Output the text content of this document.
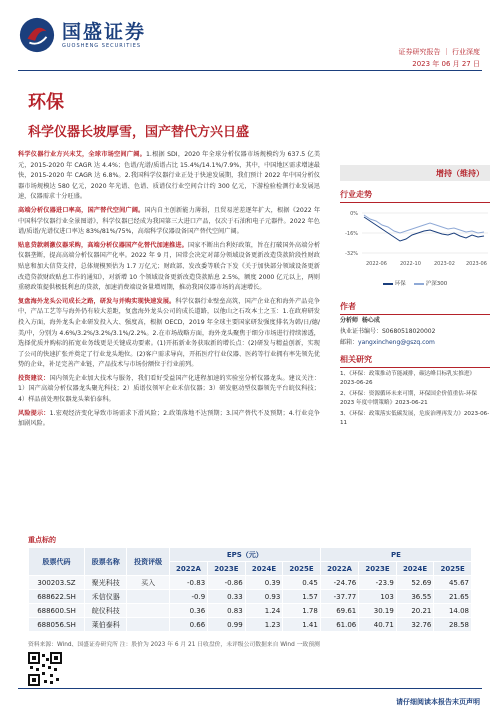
国盛证券
GUOSHENG SECURITIES
证券研究报告 ｜ 行业深度
2023 年 06 月 27 日
环保
科学仪器长坡厚雪，国产替代方兴日盛

科学仪器行业方兴未艾，全球市场空间广阔。1.根据 SDI，2020 年全球分析仪器市场规模约为 637.5 亿美元，2015-2020 年 CAGR 达 4.4%；色谱/光谱/质谱占比 15.4%/14.1%/7.9%，其中，中国地区需求增速最快，2015-2020 年 CAGR 达 6.8%。2.我国科学仪器行业正处于快速发展期，我们预计 2022 年中国分析仪器市场规模达 580 亿元，2020 年光谱、色谱、质谱仪行业空间合计约 300 亿元，下游检验检测行业发展迅速，仪器需求十分旺盛。

高端分析仪器进口率高，国产替代空间广阔。国内自主创新能力薄弱，且贸易逆差逐年扩大，根据《2022 年中国科学仪器行业全景图谱》，科学仪器已经成为我国第三大进口产品，仅次于石油和电子元器件。2022 年色谱/质谱/光谱仪进口率达 83%/81%/75%，高端科学仪器设备国产替代空间广阔。

贴息贷款刺激仪器采购，高端分析仪器国产化替代加速推进。国家不断出台利好政策，旨在打破国外高端分析仪器垄断，提高高端分析仪器国产化率。2022 年 9 月，国常会决定对部分领域设备更新改造贷款阶段性财政贴息和加大信贷支持，总体规模预估为 1.7 万亿元；财政部、发改委等联合下发《关于加快部分领域设备更新改造贷款财政贴息工作的通知》，对新增 10 个领域设备更新改造贷款贴息 2.5%，额度 2000 亿元以上，两则重磅政策提供极低利息的贷款，加速消费端设备量增周期，推动我国仪器市场的高速增长。

复盘海外龙头公司成长之路，研发与并购实现快速发展。科学仪器行业壁垒高筑，国产企业在和海外产品竞争中，产品工艺等与海外仍有较大差距，复盘海外龙头公司的成长道路，以他山之石攻本土之玉：1.在政府研发投入方面，海外龙头企业研发投入大、强度高，根据 OECD，2019 年全球主要国家研发强度排名为韩/日/德/美/中，分别为 4.6%/3.2%/3.2%/3.1%/2.2%。2.在市场战略方面，海外龙头聚焦于细分市场进行持续渗透，选择优质并购标的拓宽业务线更是关键成功要素。(1)开拓新业务获取新的增长点：(2)研发与精益创新，实现了公司的快速扩张并奠定了行业龙头地位。(2)客户需求导向，开拓医疗行业仪器、医药等行业拥有率先领先优势的企业，补足完善产业链，产品技术与市场份额位于行业前列。

投资建议：国内领先企业加大技术与服务，我们看好受益国产化进程加速的实验室分析仪器龙头。建议关注：1）国产高端分析仪器龙头聚光科技；2）质谱仪领军企业禾信仪器；3）研发驱动型仪器领先平台皖仪科技；4）样品前处理仪器龙头莱伯泰科。

风险提示：1.宏观经济变化导致市场需求下滑风险；2.政策落地不达预期；3.国产替代不及预期；4.行业竞争加剧风险。

增持（维持）
行业走势
0%
-16%
-32%
2022-06	2022-10	2023-02 2023-06
环保	沪深300
作者
分析师 杨心成
执业证书编号：S0680518020002
邮箱：yangxincheng@gszq.com
相关研究
1、《环保：政策推动节能减排，碳达峰目标乳实推进》2023-06-26
2、《环保：资源循环未来可期，环保国企价值重估-环保 2023 年度中期策略》2023-06-21
3、《环保：政策落实低碳发展，危废治理再发力》2023-06-11
重点标的
股票代码	股票名称	投资评级	EPS（元）				PE			
			2022A	2023E	2024E	2025E	2022A	2023E	2024E	2025E
300203.SZ	聚光科技	买入	-0.83	-0.86	0.39	0.45	-24.76	-23.9	52.69	45.67
688622.SH	禾信仪器		-0.9	0.33	0.93	1.57	-37.77	103	36.55	21.65
688600.SH	皖仪科技		0.36	0.83	1.24	1.78	69.61	30.19	20.21	14.08
688056.SH	莱伯泰科		0.66	0.99	1.23	1.41	61.06	40.71	32.76	28.58
资料来源：Wind、国盛证券研究所 注：股价为 2023 年 6 月 21 日收盘价，未评级公司数据来自 Wind 一致预测
请仔细阅读本报告末页声明
